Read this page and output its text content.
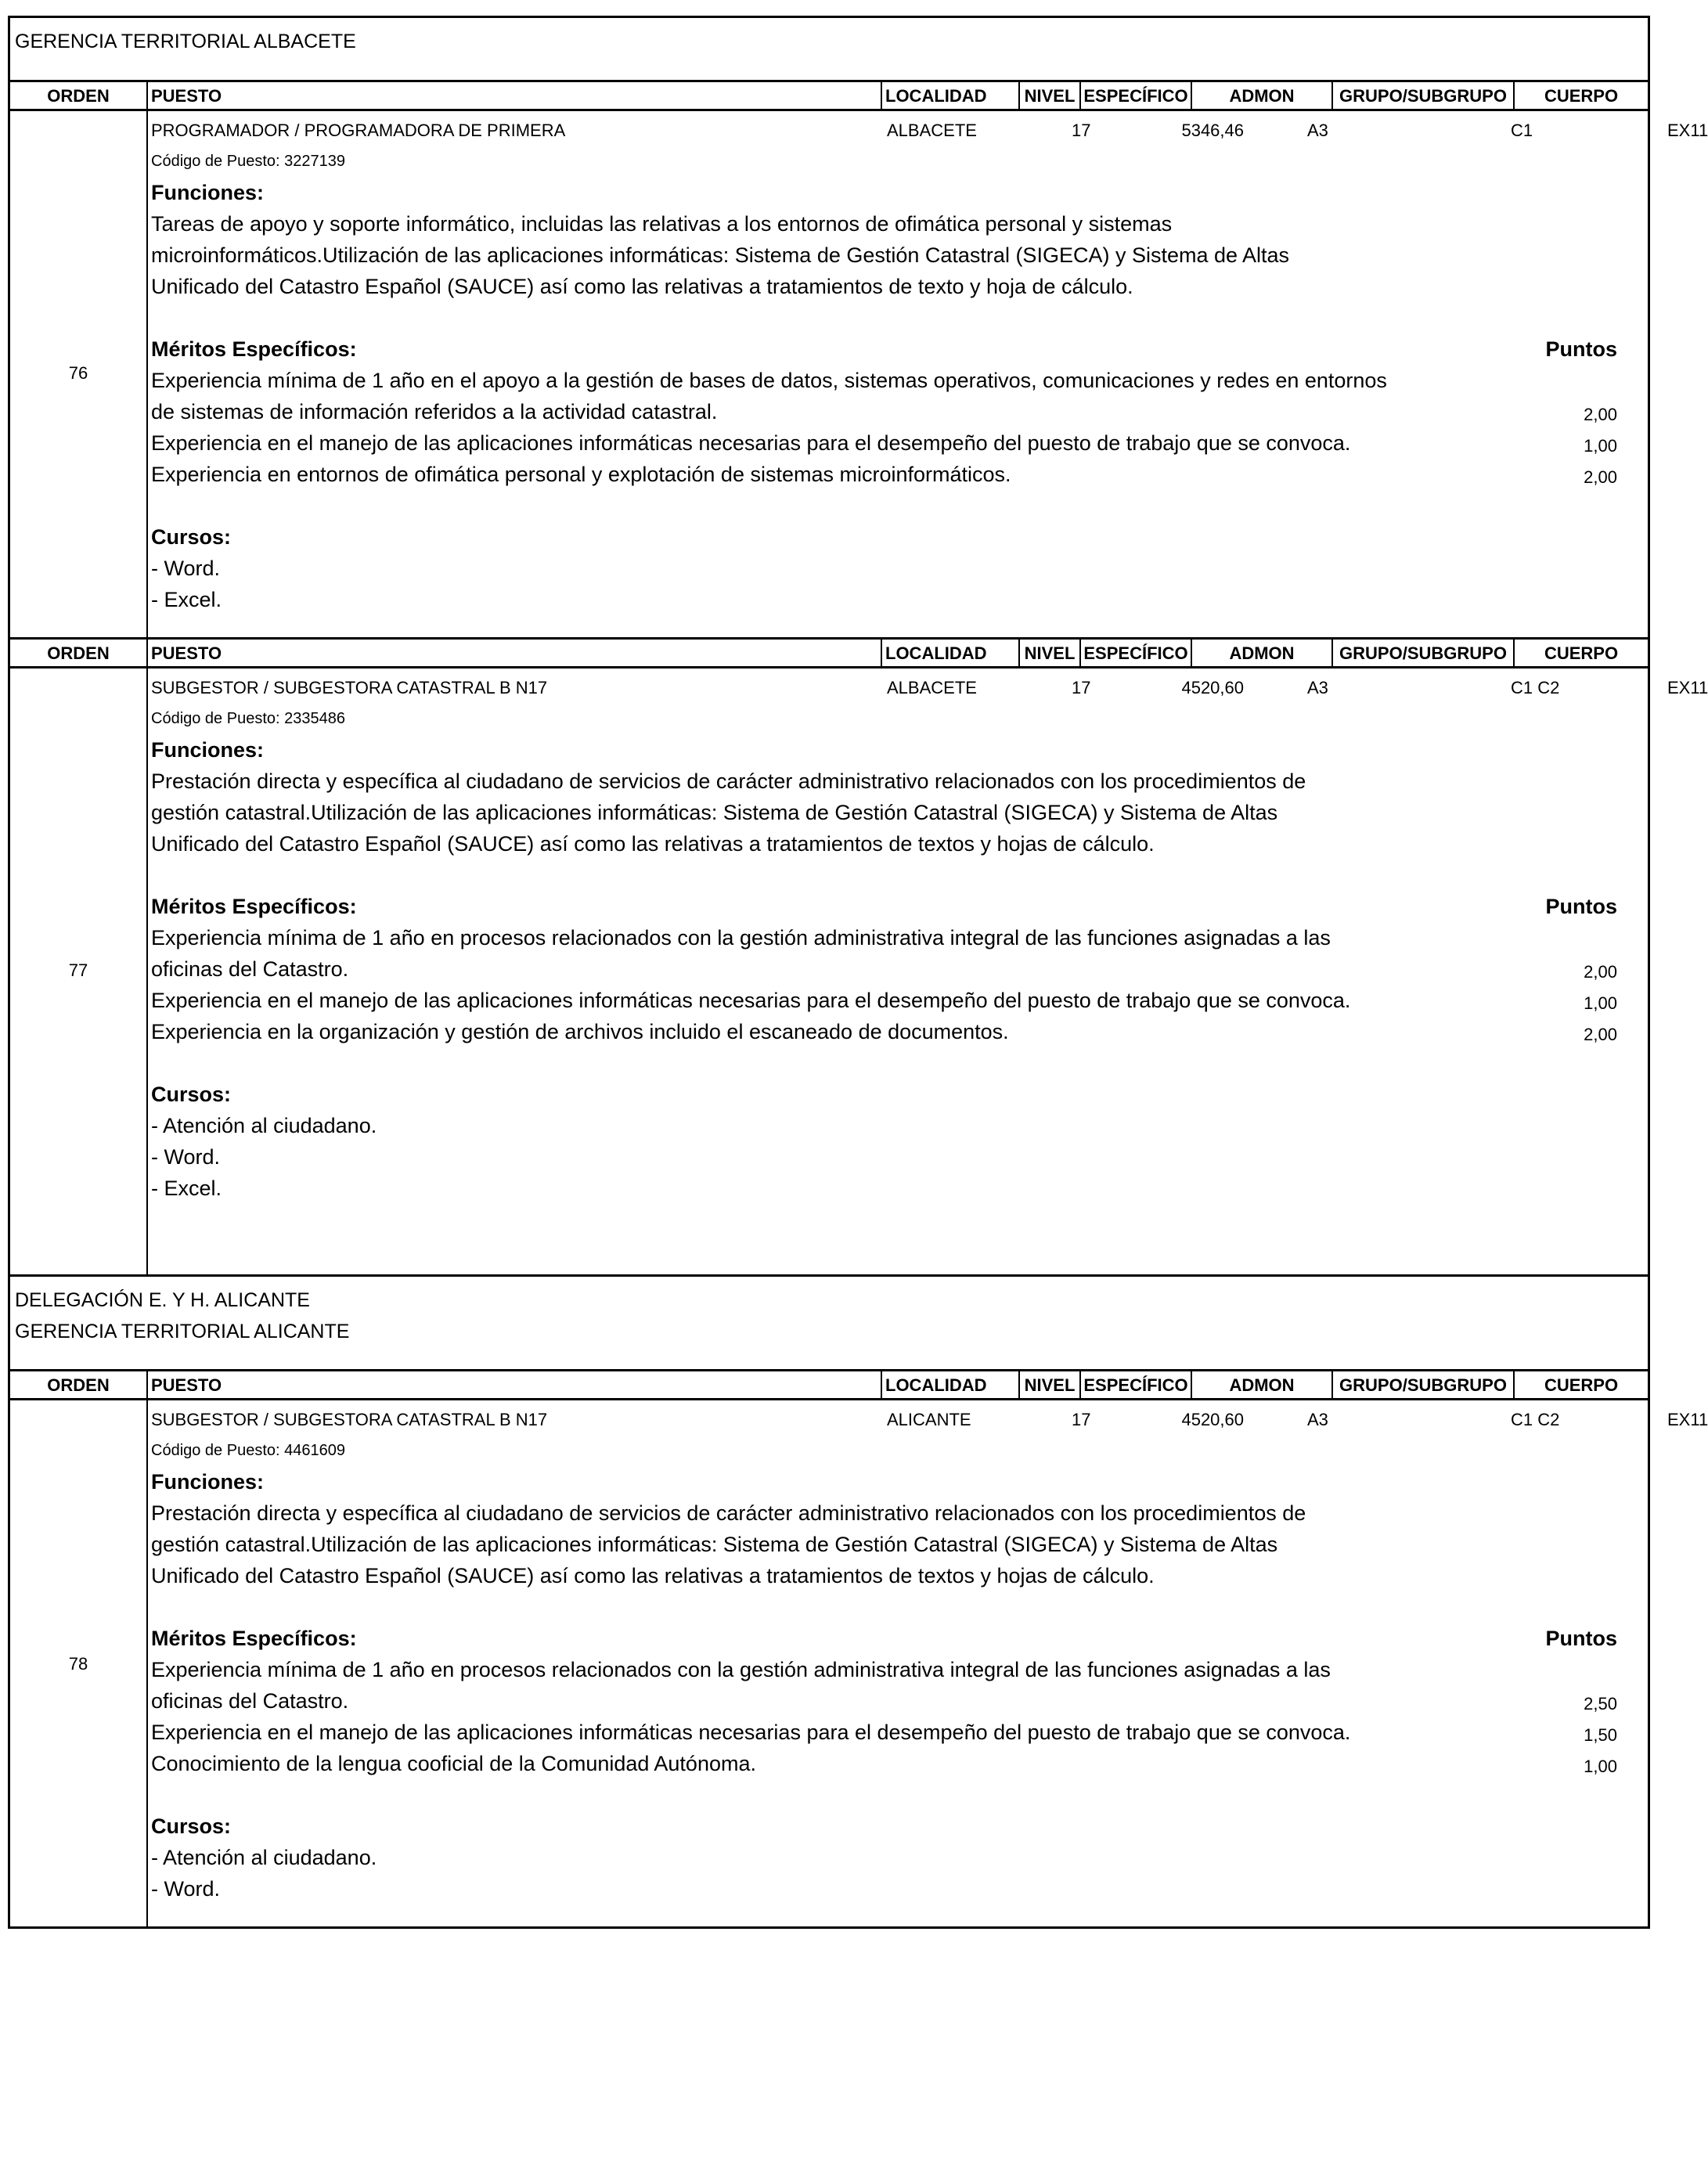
GERENCIA TERRITORIAL ALBACETE
ORDEN	PUESTO	LOCALIDAD	NIVEL ESPECÍFICO	ADMON	GRUPO/SUBGRUPO	CUERPO
76
PROGRAMADOR / PROGRAMADORA DE PRIMERA	ALBACETE	17	5346,46	A3	C1	EX11
Código de Puesto: 3227139
Funciones:
Tareas de apoyo y soporte informático, incluidas las relativas a los entornos de ofimática personal y sistemas
microinformáticos.Utilización de las aplicaciones informáticas: Sistema de Gestión Catastral (SIGECA) y Sistema de Altas
Unificado del Catastro Español (SAUCE) así como las relativas a tratamientos de texto y hoja de cálculo.
Méritos Específicos:	Puntos
Experiencia mínima de 1 año en el apoyo a la gestión de bases de datos, sistemas operativos, comunicaciones y redes en entornos
de sistemas de información referidos a la actividad catastral.	2,00
Experiencia en el manejo de las aplicaciones informáticas necesarias para el desempeño del puesto de trabajo que se convoca.	1,00
Experiencia en entornos de ofimática personal y explotación de sistemas microinformáticos.	2,00
Cursos:
- Word.
- Excel.
ORDEN	PUESTO	LOCALIDAD	NIVEL ESPECÍFICO	ADMON	GRUPO/SUBGRUPO	CUERPO
77
SUBGESTOR / SUBGESTORA CATASTRAL B N17	ALBACETE	17	4520,60	A3	C1 C2	EX11
Código de Puesto: 2335486
Funciones:
Prestación directa y específica al ciudadano de servicios de carácter administrativo relacionados con los procedimientos de
gestión catastral.Utilización de las aplicaciones informáticas: Sistema de Gestión Catastral (SIGECA) y Sistema de Altas
Unificado del Catastro Español (SAUCE) así como las relativas a tratamientos de textos y hojas de cálculo.
Méritos Específicos:	Puntos
Experiencia mínima de 1 año en procesos relacionados con la gestión administrativa integral de las funciones asignadas a las
oficinas del Catastro.	2,00
Experiencia en el manejo de las aplicaciones informáticas necesarias para el desempeño del puesto de trabajo que se convoca.	1,00
Experiencia en la organización y gestión de archivos incluido el escaneado de documentos.	2,00
Cursos:
- Atención al ciudadano.
- Word.
- Excel.
DELEGACIÓN E. Y H. ALICANTE
GERENCIA TERRITORIAL ALICANTE
ORDEN	PUESTO	LOCALIDAD	NIVEL ESPECÍFICO	ADMON	GRUPO/SUBGRUPO	CUERPO
78
SUBGESTOR / SUBGESTORA CATASTRAL B N17	ALICANTE	17	4520,60	A3	C1 C2	EX11
Código de Puesto: 4461609
Funciones:
Prestación directa y específica al ciudadano de servicios de carácter administrativo relacionados con los procedimientos de
gestión catastral.Utilización de las aplicaciones informáticas: Sistema de Gestión Catastral (SIGECA) y Sistema de Altas
Unificado del Catastro Español (SAUCE) así como las relativas a tratamientos de textos y hojas de cálculo.
Méritos Específicos:	Puntos
Experiencia mínima de 1 año en procesos relacionados con la gestión administrativa integral de las funciones asignadas a las
oficinas del Catastro.	2,50
Experiencia en el manejo de las aplicaciones informáticas necesarias para el desempeño del puesto de trabajo que se convoca.	1,50
Conocimiento de la lengua cooficial de la Comunidad Autónoma.	1,00
Cursos:
- Atención al ciudadano.
- Word.
